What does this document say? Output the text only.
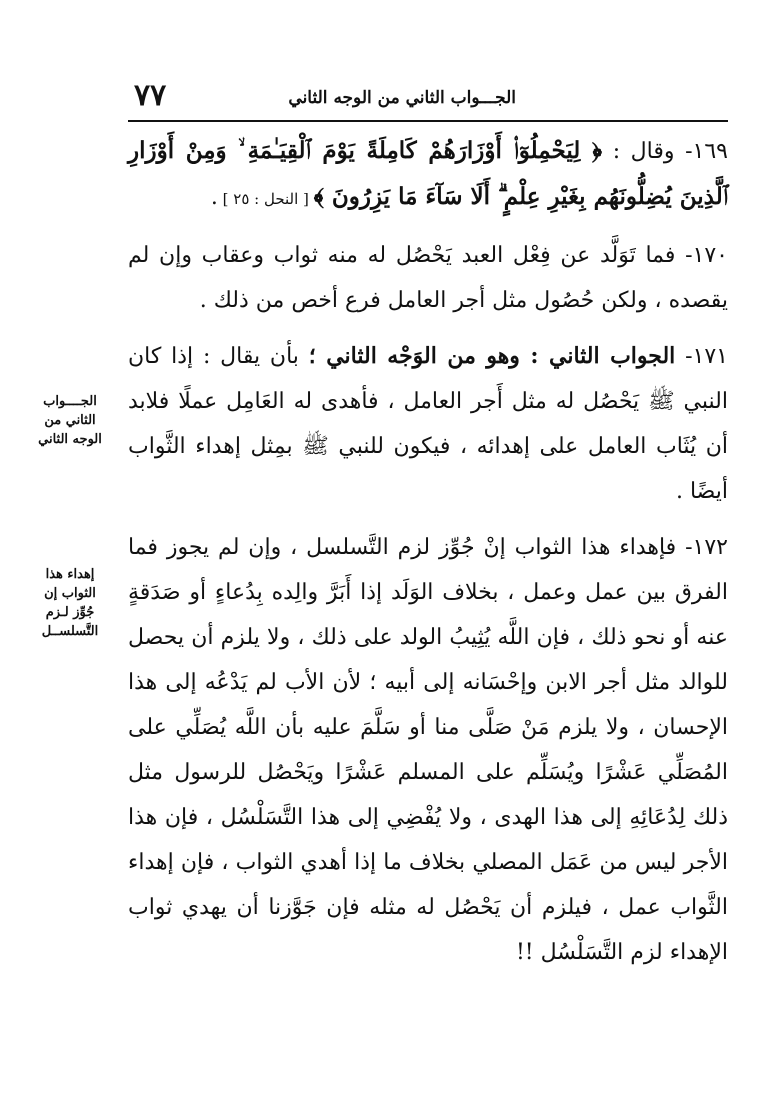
الجـــواب الثاني من الوجه الثاني
٧٧
الجــــواب
الثاني من
الوجه الثاني
إهداء هذا
الثواب إن
جُوِّز لـزم
التَّسلســل

١٦٩- وقال : ﴿ لِيَحْمِلُوٓا۟ أَوْزَارَهُمْ كَامِلَةً يَوْمَ ٱلْقِيَـٰمَةِ ۙ وَمِنْ أَوْزَارِ ٱلَّذِينَ يُضِلُّونَهُم بِغَيْرِ عِلْمٍ ۗ أَلَا سَآءَ مَا يَزِرُونَ ﴾ [ النحل : ٢٥ ] .

١٧٠- فما تَوَلَّد عن فِعْل العبد يَحْصُل له منه ثواب وعقاب وإن لم يقصده ، ولكن حُصُول مثل أجر العامل فرع أخص من ذلك .

١٧١- الجواب الثاني : وهو من الوَجْه الثاني ؛ بأن يقال : إذا كان النبي ﷺ يَحْصُل له مثل أَجر العامل ، فأهدى له العَامِل عملًا فلابد أن يُثَاب العامل على إهدائه ، فيكون للنبي ﷺ بمِثل إهداء الثَّواب أيضًا .

١٧٢- فإهداء هذا الثواب إنْ جُوِّز لزم التَّسلسل ، وإن لم يجوز فما الفرق بين عمل وعمل ، بخلاف الوَلَد إذا أَبَرَّ والِده بِدُعاءٍ أو صَدَقةٍ عنه أو نحو ذلك ، فإن اللَّه يُثِيبُ الولد على ذلك ، ولا يلزم أن يحصل للوالد مثل أجر الابن وإحْسَانه إلى أبيه ؛ لأن الأب لم يَدْعُه إلى هذا الإحسان ، ولا يلزم مَنْ صَلَّى منا أو سَلَّمَ عليه بأن اللَّه يُصَلِّي على المُصَلِّي عَشْرًا ويُسَلِّم على المسلم عَشْرًا ويَحْصُل للرسول مثل ذلك لِدُعَائِهِ إلى هذا الهدى ، ولا يُفْضِي إلى هذا التَّسَلْسُل ، فإن هذا الأجر ليس من عَمَل المصلي بخلاف ما إذا أهدي الثواب ، فإن إهداء الثَّواب عمل ، فيلزم أن يَحْصُل له مثله فإن جَوَّزنا أن يهدي ثواب الإهداء لزم التَّسَلْسُل !!
